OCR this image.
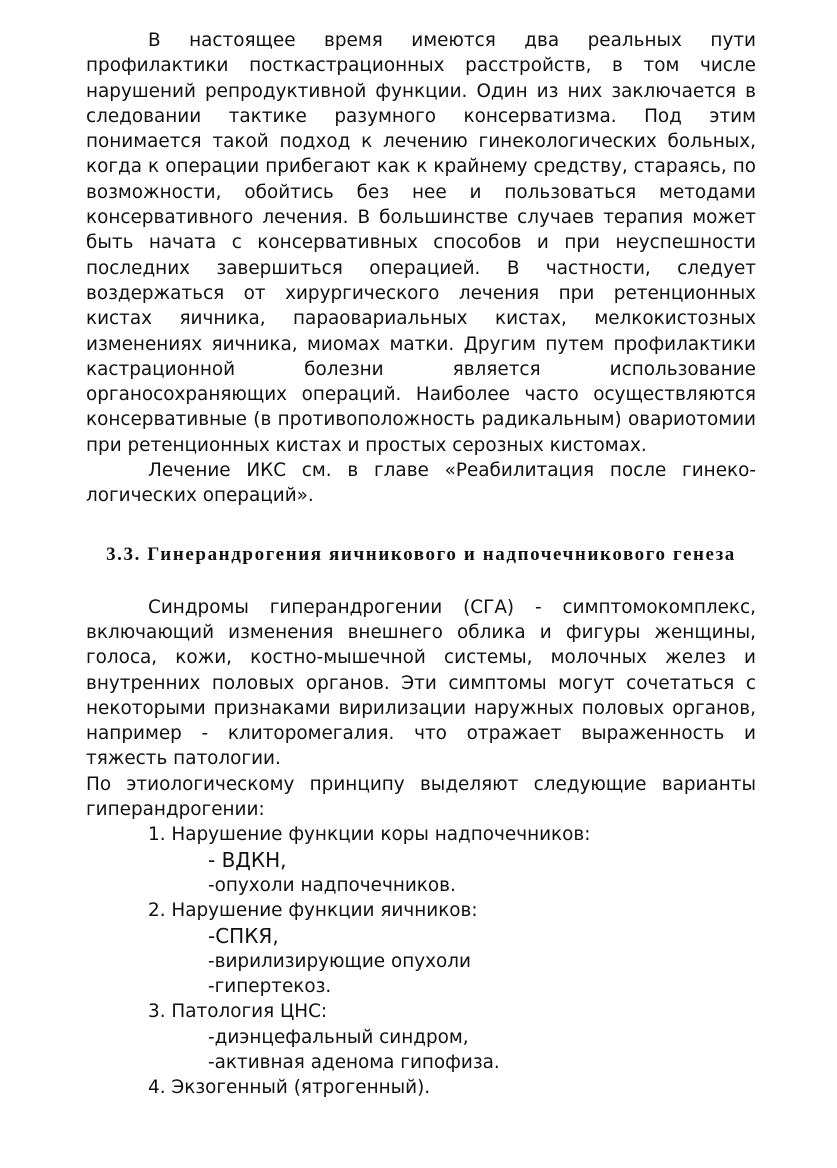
В настоящее время имеются два реальных пути профилактики посткастрационных расстройств, в том числе нарушений репродуктивной функции. Один из них заключается в следовании тактике разумного консерватизма. Под этим понимается такой подход к лечению гинекологических больных, когда к операции прибегают как к крайнему средству, стараясь, по возможности, обойтись без нее и пользоваться методами консервативного лечения. В большинстве случаев терапия может быть начата с консервативных способов и при неуспешности последних завершиться операцией. В частности, следует воздержаться от хирургического лечения при ретенционных кистах яичника, параовариальных кистах, мелкокистозных изменениях яичника, миомах матки. Другим путем профилактики кастрационной болезни является использование органосохраняющих операций. Наиболее часто осуществляются консервативные (в противоположность радикальным) овариотомии при ретенционных кистах и простых серозных кистомах.

Лечение ИКС см. в главе «Реабилитация после гинеко-логических операций».

3.3. Гинерандрогения яичникового и надпочечникового генеза

Синдромы гиперандрогении (СГА) - симптомокомплекс, включающий изменения внешнего облика и фигуры женщины, голоса, кожи, костно-мышечной системы, молочных желез и внутренних половых органов. Эти симптомы могут сочетаться с некоторыми признаками вирилизации наружных половых органов, например - клиторомегалия. что отражает выраженность и тяжесть патологии.

По этиологическому принципу выделяют следующие варианты гиперандрогении:

1. Нарушение функции коры надпочечников:
- ВДКН,
-опухоли надпочечников.
2. Нарушение функции яичников:
-СПКЯ,
-вирилизирующие опухоли
-гипертекоз.
3. Патология ЦНС:
-диэнцефальный синдром,
-активная аденома гипофиза.
4. Экзогенный (ятрогенный).
